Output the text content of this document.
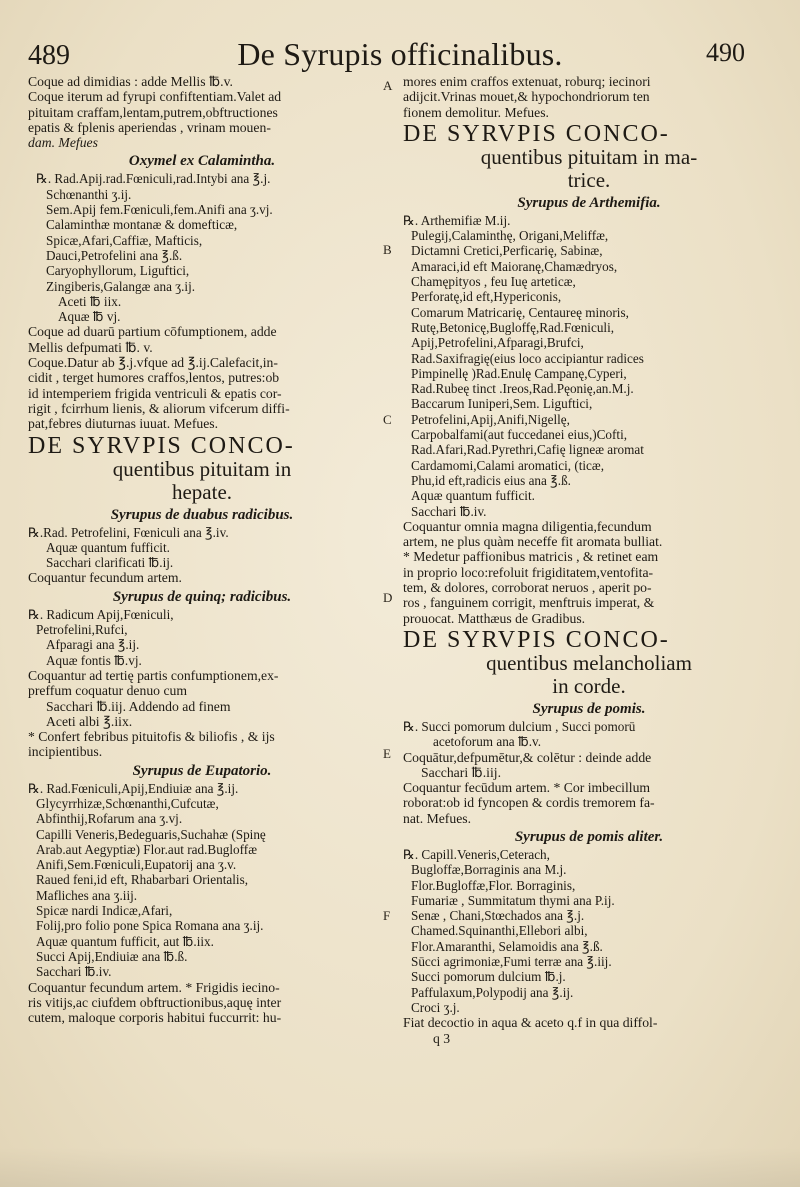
489	De Syrupis officinalibus.	490
Coque ad dimidias : adde Mellis ℔.v.
Coque iterum ad fyrupi confiftentiam.Valet ad
pituitam craffam,lentam,putrem,obftructiones
epatis & fplenis aperiendas , vrinam mouen-
dam. Mefues
Oxymel ex Calamintha.
℞. Rad.Apij.rad.Fœniculi,rad.Intybi ana ℥.j.
Schœnanthi ʒ.ij.
Sem.Apij fem.Fœniculi,fem.Anifi ana ʒ.vj.
Calaminthæ montanæ & domefticæ,
Spicæ,Afari,Caffiæ, Mafticis,
Dauci,Petrofelini ana ℥.ß.
Caryophyllorum, Liguftici,
Zingiberis,Galangæ ana ʒ.ij.
Aceti ℔ iix.
Aquæ ℔ vj.
Coque ad duarū partium cōfumptionem, adde
Mellis defpumati ℔. v.
Coque.Datur ab ℥.j.vfque ad ℥.ij.Calefacit,in-
cidit , terget humores craffos,lentos, putres:ob
id intemperiem frigida ventriculi & epatis cor-
rigit , fcirrhum lienis, & aliorum vifcerum diffi-
pat,febres diuturnas iuuat. Mefues.
DE SYRVPIS CONCO-
quentibus pituitam in
hepate.
Syrupus de duabus radicibus.
℞.Rad. Petrofelini, Fœniculi ana ℥.iv.
Aquæ quantum fufficit.
Sacchari clarificati ℔.ij.
Coquantur fecundum artem.
Syrupus de quinq; radicibus.
℞. Radicum Apij,Fœniculi,
Petrofelini,Rufci,
Afparagi ana ℥.ij.
Aquæ fontis ℔.vj.
Coquantur ad tertię partis confumptionem,ex-
preffum coquatur denuo cum
Sacchari ℔.iij. Addendo ad finem
Aceti albi ℥.iix.
* Confert febribus pituitofis & biliofis , & ijs
incipientibus.
Syrupus de Eupatorio.
℞. Rad.Fœniculi,Apij,Endiuiæ ana ℥.ij.
Glycyrrhizæ,Schœnanthi,Cufcutæ,
Abfinthij,Rofarum ana ʒ.vj.
Capilli Veneris,Bedeguaris,Suchahæ (Spinę
Arab.aut Aegyptiæ) Flor.aut rad.Bugloffæ
Anifi,Sem.Fœniculi,Eupatorij ana ʒ.v.
Raued feni,id eft, Rhabarbari Orientalis,
Mafliches ana ʒ.iij.
Spicæ nardi Indicæ,Afari,
Folij,pro folio pone Spica Romana ana ʒ.ij.
Aquæ quantum fufficit, aut ℔.iix.
Succi Apij,Endiuiæ ana ℔.ß.
Sacchari ℔.iv.
Coquantur fecundum artem. * Frigidis iecino-
ris vitijs,ac ciufdem obftructionibus,aquę inter
cutem, maloque corporis habitui fuccurrit: hu-
mores enim craffos extenuat, roburq; iecinori
adijcit.Vrinas mouet,& hypochondriorum ten
fionem demolitur. Mefues.
DE SYRVPIS CONCO-
quentibus pituitam in ma-
trice.
Syrupus de Arthemifia.
℞. Arthemifiæ M.ij.
Pulegij,Calaminthę, Origani,Meliffæ,
Dictamni Cretici,Perficarię, Sabinæ,
Amaraci,id eft Maioranę,Chamædryos,
Chamępityos , feu Iuę arteticæ,
Perforatę,id eft,Hypericonis,
Comarum Matricarię, Centaureę minoris,
Rutę,Betonicę,Bugloffę,Rad.Fœniculi,
Apij,Petrofelini,Afparagi,Brufci,
Rad.Saxifragię(eius loco accipiantur radices
Pimpinellę )Rad.Enulę Campanę,Cyperi,
Rad.Rubeę tinct .Ireos,Rad.Pęonię,an.M.j.
Baccarum Iuniperi,Sem. Liguftici,
Petrofelini,Apij,Anifi,Nigellę,
Carpobalfami(aut fuccedanei eius,)Cofti,
Rad.Afari,Rad.Pyrethri,Cafię ligneæ aromat
Cardamomi,Calami aromatici, (ticæ,
Phu,id eft,radicis eius ana ℥.ß.
Aquæ quantum fufficit.
Sacchari ℔.iv.
Coquantur omnia magna diligentia,fecundum
artem, ne plus quàm neceffe fit aromata bulliat.
* Medetur paffionibus matricis , & retinet eam
in proprio loco:refoluit frigiditatem,ventofita-
tem, & dolores, corroborat neruos , aperit po-
ros , fanguinem corrigit, menftruis imperat, &
prouocat. Matthæus de Gradibus.
DE SYRVPIS CONCO-
quentibus melancholiam
in corde.
Syrupus de pomis.
℞. Succi pomorum dulcium , Succi pomorū
acetoforum ana ℔.v.
Coquātur,defpumētur,& colētur : deinde adde
Sacchari ℔.iij.
Coquantur fecūdum artem. * Cor imbecillum
roborat:ob id fyncopen & cordis tremorem fa-
nat. Mefues.
Syrupus de pomis aliter.
℞. Capill.Veneris,Ceterach,
Bugloffæ,Borraginis ana M.j.
Flor.Bugloffæ,Flor. Borraginis,
Fumariæ , Summitatum thymi ana P.ij.
Senæ , Chani,Stœchados ana ℥.j.
Chamed.Squinanthi,Ellebori albi,
Flor.Amaranthi, Selamoidis ana ℥.ß.
Sūcci agrimoniæ,Fumi terræ ana ℥.iij.
Succi pomorum dulcium ℔.j.
Paffulaxum,Polypodij ana ℥.ij.
Croci ʒ.j.
Fiat decoctio in aqua & aceto q.f in qua diffol-
q 3
A
B
C
D
E
F
